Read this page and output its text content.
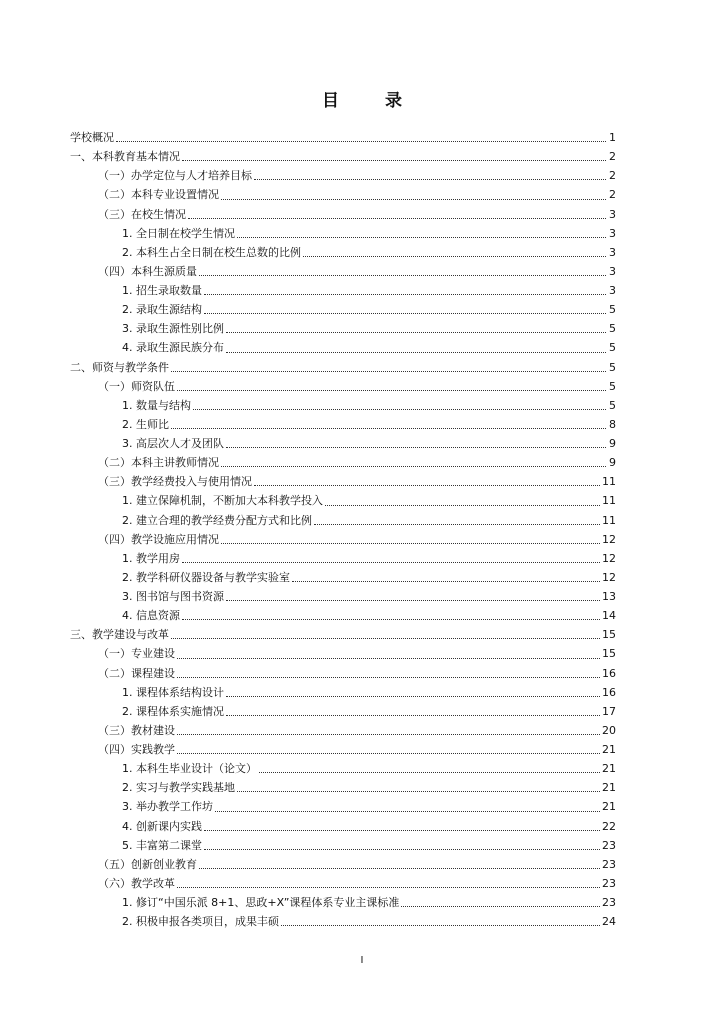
目 录
学校概况	1
一、本科教育基本情况	2
（一）办学定位与人才培养目标	2
（二）本科专业设置情况	2
（三）在校生情况	3
1. 全日制在校学生情况	3
2. 本科生占全日制在校生总数的比例	3
（四）本科生源质量	3
1. 招生录取数量	3
2. 录取生源结构	5
3. 录取生源性别比例	5
4. 录取生源民族分布	5
二、师资与教学条件	5
（一）师资队伍	5
1. 数量与结构	5
2. 生师比	8
3. 高层次人才及团队	9
（二）本科主讲教师情况	9
（三）教学经费投入与使用情况	11
1. 建立保障机制，不断加大本科教学投入	11
2. 建立合理的教学经费分配方式和比例	11
（四）教学设施应用情况	12
1. 教学用房	12
2. 教学科研仪器设备与教学实验室	12
3. 图书馆与图书资源	13
4. 信息资源	14
三、教学建设与改革	15
（一）专业建设	15
（二）课程建设	16
1. 课程体系结构设计	16
2. 课程体系实施情况	17
（三）教材建设	20
（四）实践教学	21
1. 本科生毕业设计（论文）	21
2. 实习与教学实践基地	21
3. 举办教学工作坊	21
4. 创新课内实践	22
5. 丰富第二课堂	23
（五）创新创业教育	23
（六）教学改革	23
1. 修订“中国乐派 8+1、思政+X”课程体系专业主课标准	23
2. 积极申报各类项目，成果丰硕	24
I
